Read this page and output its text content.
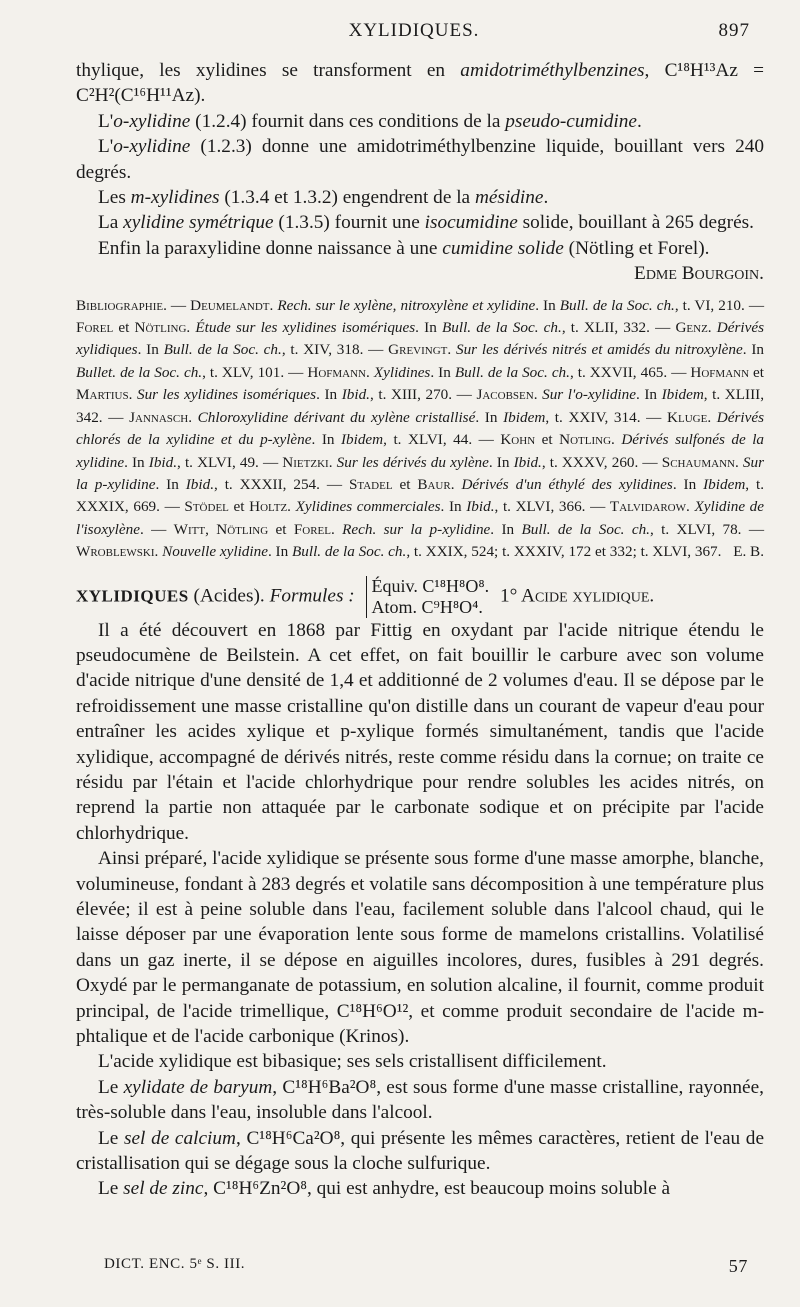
XYLIDIQUES.	897

thylique, les xylidines se transforment en amidotriméthylbenzines, C¹⁸H¹³Az = C²H²(C¹⁶H¹¹Az).

L'o-xylidine (1.2.4) fournit dans ces conditions de la pseudo-cumidine.

L'o-xylidine (1.2.3) donne une amidotriméthylbenzine liquide, bouillant vers 240 degrés.

Les m-xylidines (1.3.4 et 1.3.2) engendrent de la mésidine.

La xylidine symétrique (1.3.5) fournit une isocumidine solide, bouillant à 265 degrés.

Enfin la paraxylidine donne naissance à une cumidine solide (Nötling et Forel).

Edme Bourgoin.

Bibliographie. — Deumelandt. Rech. sur le xylène, nitroxylène et xylidine. In Bull. de la Soc. ch., t. VI, 210. — Forel et Nötling. Étude sur les xylidines isomériques. In Bull. de la Soc. ch., t. XLII, 332. — Genz. Dérivés xylidiques. In Bull. de la Soc. ch., t. XIV, 318. — Grevingt. Sur les dérivés nitrés et amidés du nitroxylène. In Bullet. de la Soc. ch., t. XLV, 101. — Hofmann. Xylidines. In Bull. de la Soc. ch., t. XXVII, 465. — Hofmann et Martius. Sur les xylidines isomériques. In Ibid., t. XIII, 270. — Jacobsen. Sur l'o-xylidine. In Ibidem, t. XLIII, 342. — Jannasch. Chloroxylidine dérivant du xylène cristallisé. In Ibidem, t. XXIV, 314. — Kluge. Dérivés chlorés de la xylidine et du p-xylène. In Ibidem, t. XLVI, 44. — Kohn et Notling. Dérivés sulfonés de la xylidine. In Ibid., t. XLVI, 49. — Nietzki. Sur les dérivés du xylène. In Ibid., t. XXXV, 260. — Schaumann. Sur la p-xylidine. In Ibid., t. XXXII, 254. — Stadel et Baur. Dérivés d'un éthylé des xylidines. In Ibidem, t. XXXIX, 669. — Stödel et Holtz. Xylidines commerciales. In Ibid., t. XLVI, 366. — Talvidarow. Xylidine de l'isoxylène. — Witt, Nötling et Forel. Rech. sur la p-xylidine. In Bull. de la Soc. ch., t. XLVI, 78. — Wroblewski. Nouvelle xylidine. In Bull. de la Soc. ch., t. XXIX, 524; t. XXXIV, 172 et 332; t. XLVI, 367. E. B.

XYLIDIQUES (Acides). Formules : Équiv. C¹⁸H⁸O⁸.
Atom. C⁹H⁸O⁴. 1° Acide xylidique.

Il a été découvert en 1868 par Fittig en oxydant par l'acide nitrique étendu le pseudocumène de Beilstein. A cet effet, on fait bouillir le carbure avec son volume d'acide nitrique d'une densité de 1,4 et additionné de 2 volumes d'eau. Il se dépose par le refroidissement une masse cristalline qu'on distille dans un courant de vapeur d'eau pour entraîner les acides xylique et p-xylique formés simultanément, tandis que l'acide xylidique, accompagné de dérivés nitrés, reste comme résidu dans la cornue; on traite ce résidu par l'étain et l'acide chlorhydrique pour rendre solubles les acides nitrés, on reprend la partie non attaquée par le carbonate sodique et on précipite par l'acide chlorhydrique.

Ainsi préparé, l'acide xylidique se présente sous forme d'une masse amorphe, blanche, volumineuse, fondant à 283 degrés et volatile sans décomposition à une température plus élevée; il est à peine soluble dans l'eau, facilement soluble dans l'alcool chaud, qui le laisse déposer par une évaporation lente sous forme de mamelons cristallins. Volatilisé dans un gaz inerte, il se dépose en aiguilles incolores, dures, fusibles à 291 degrés. Oxydé par le permanganate de potassium, en solution alcaline, il fournit, comme produit principal, de l'acide trimellique, C¹⁸H⁶O¹², et comme produit secondaire de l'acide m-phtalique et de l'acide carbonique (Krinos).

L'acide xylidique est bibasique; ses sels cristallisent difficilement.

Le xylidate de baryum, C¹⁸H⁶Ba²O⁸, est sous forme d'une masse cristalline, rayonnée, très-soluble dans l'eau, insoluble dans l'alcool.

Le sel de calcium, C¹⁸H⁶Ca²O⁸, qui présente les mêmes caractères, retient de l'eau de cristallisation qui se dégage sous la cloche sulfurique.

Le sel de zinc, C¹⁸H⁶Zn²O⁸, qui est anhydre, est beaucoup moins soluble à

DICT. ENC. 5ᵉ S. III.	57
